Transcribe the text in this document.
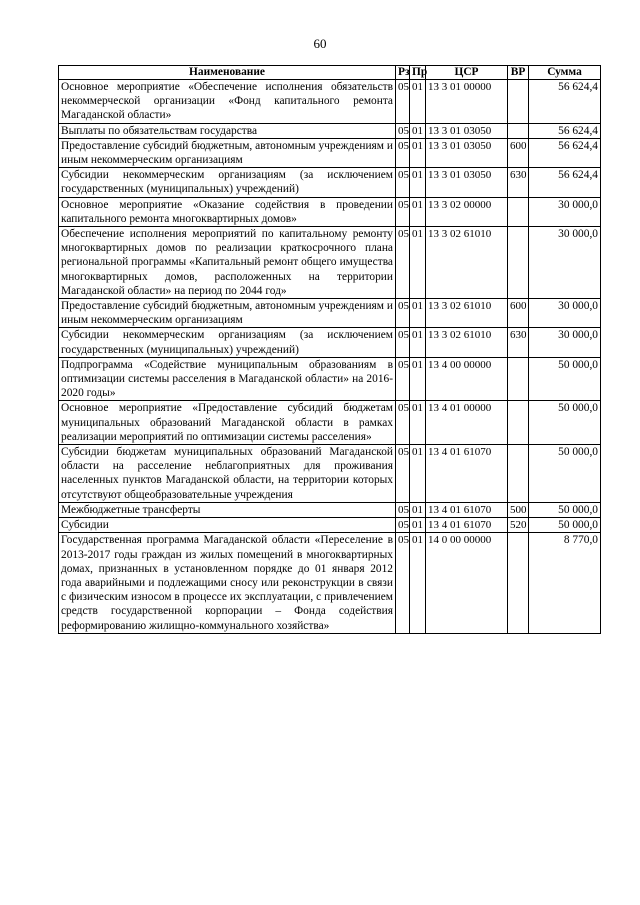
60
Наименование	Рз	Пр	ЦСР	ВР	Сумма
Основное мероприятие «Обеспечение исполнения обязательств некоммерческой организации «Фонд капитального ремонта Магаданской области»	05	01	13 3 01 00000		56 624,4
Выплаты по обязательствам государства	05	01	13 3 01 03050		56 624,4
Предоставление субсидий бюджетным, автономным учреждениям и иным некоммерческим организациям	05	01	13 3 01 03050	600	56 624,4
Субсидии некоммерческим организациям (за исключением государственных (муниципальных) учреждений)	05	01	13 3 01 03050	630	56 624,4
Основное мероприятие «Оказание содействия в проведении капитального ремонта многоквартирных домов»	05	01	13 3 02 00000		30 000,0
Обеспечение исполнения мероприятий по капитальному ремонту многоквартирных домов по реализации краткосрочного плана региональной программы «Капитальный ремонт общего имущества многоквартирных домов, расположенных на территории Магаданской области» на период по 2044 год»	05	01	13 3 02 61010		30 000,0
Предоставление субсидий бюджетным, автономным учреждениям и иным некоммерческим организациям	05	01	13 3 02 61010	600	30 000,0
Субсидии некоммерческим организациям (за исключением государственных (муниципальных) учреждений)	05	01	13 3 02 61010	630	30 000,0
Подпрограмма «Содействие муниципальным образованиям в оптимизации системы расселения в Магаданской области» на 2016-2020 годы»	05	01	13 4 00 00000		50 000,0
Основное мероприятие «Предоставление субсидий бюджетам муниципальных образований Магаданской области в рамках реализации мероприятий по оптимизации системы расселения»	05	01	13 4 01 00000		50 000,0
Субсидии бюджетам муниципальных образований Магаданской области на расселение неблагоприятных для проживания населенных пунктов Магаданской области, на территории которых отсутствуют общеобразовательные учреждения	05	01	13 4 01 61070		50 000,0
Межбюджетные трансферты	05	01	13 4 01 61070	500	50 000,0
Субсидии	05	01	13 4 01 61070	520	50 000,0
Государственная программа Магаданской области «Переселение в 2013-2017 годы граждан из жилых помещений в многоквартирных домах, признанных в установленном порядке до 01 января 2012 года аварийными и подлежащими сносу или реконструкции в связи с физическим износом в процессе их эксплуатации, с привлечением средств государственной корпорации – Фонда содействия реформированию жилищно-коммунального хозяйства»	05	01	14 0 00 00000		8 770,0
